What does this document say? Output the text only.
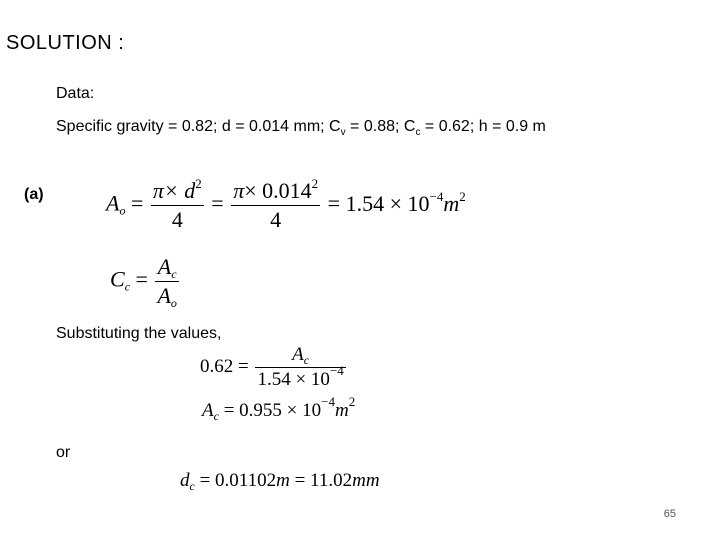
SOLUTION :
Data:
Specific gravity = 0.82; d = 0.014 mm; $C_v = 0.88$; $C_c = 0.62$; h = 0.9 m
(a)	$A_o = \frac{\pi\times d^2}{4} = \frac{\pi\times 0.014^2}{4} = 1.54 \times 10^{-4}m^2$
$C_c = \frac{A_c}{A_o}$
Substituting the values,
$0.62 = \frac{A_c}{1.54 \times 10^{-4}}$
$A_c = 0.955 \times 10^{-4}m^2$
or
$d_c = 0.01102m = 11.02mm$
65
